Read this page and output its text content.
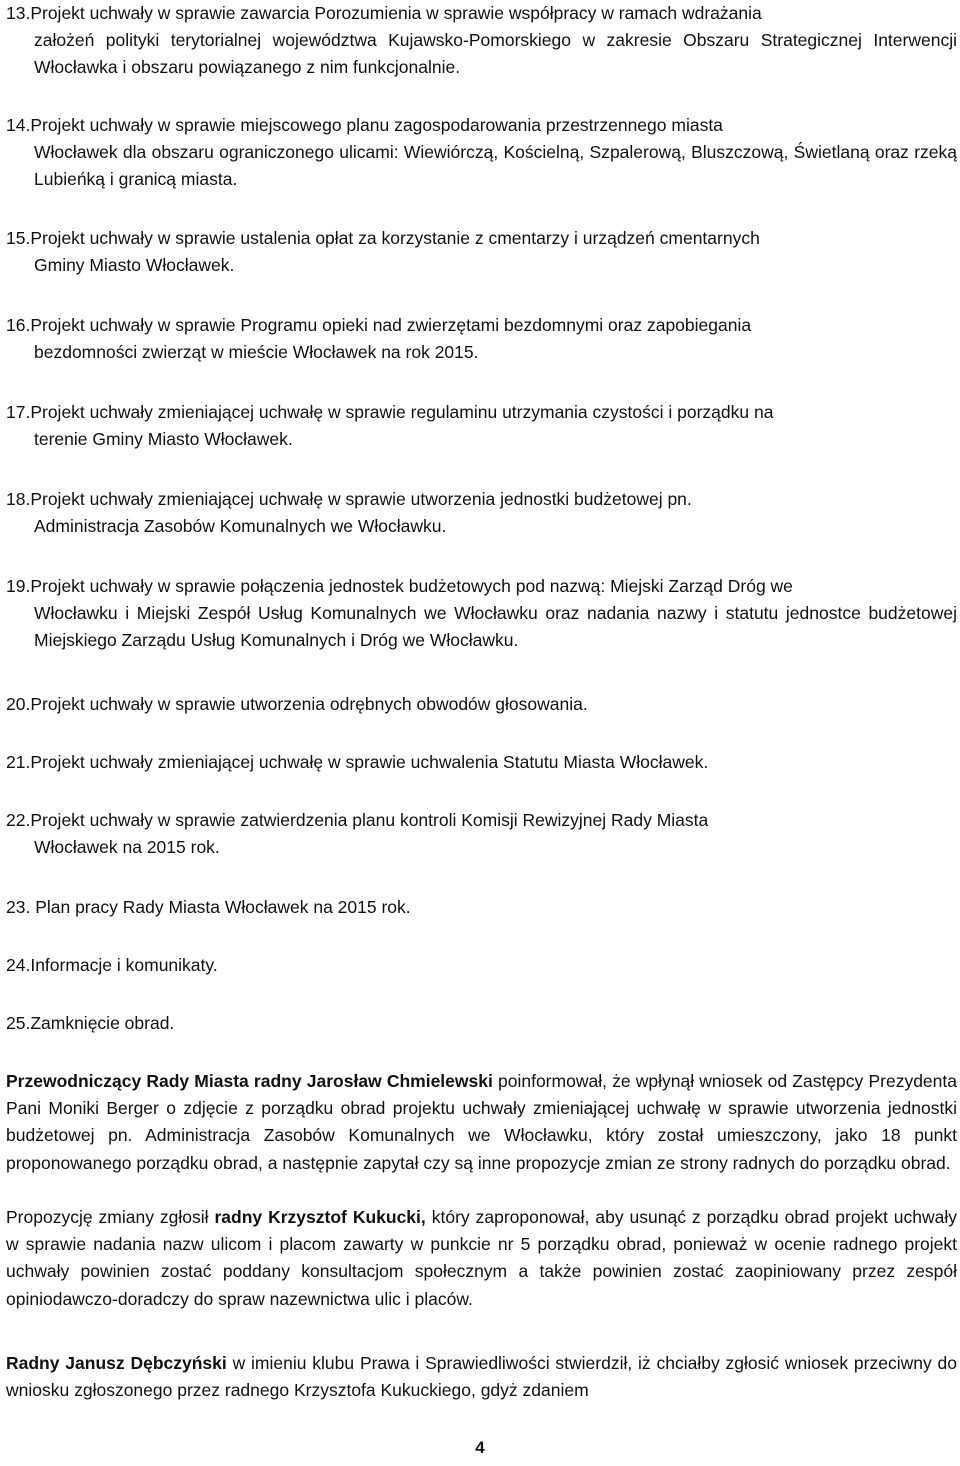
13.Projekt uchwały w sprawie zawarcia Porozumienia w sprawie współpracy w ramach wdrażania
założeń polityki terytorialnej województwa Kujawsko-Pomorskiego w zakresie Obszaru Strategicznej Interwencji Włocławka i obszaru powiązanego z nim funkcjonalnie.
14.Projekt uchwały w sprawie miejscowego planu zagospodarowania przestrzennego miasta
Włocławek dla obszaru ograniczonego ulicami: Wiewiórczą, Kościelną, Szpalerową, Bluszczową, Świetlaną oraz rzeką Lubieńką i granicą miasta.
15.Projekt uchwały w sprawie ustalenia opłat za korzystanie z cmentarzy i urządzeń cmentarnych
Gminy Miasto Włocławek.
16.Projekt uchwały w sprawie Programu opieki nad zwierzętami bezdomnymi oraz zapobiegania
bezdomności zwierząt w mieście Włocławek na rok 2015.
17.Projekt uchwały zmieniającej uchwałę w sprawie regulaminu utrzymania czystości i porządku na
terenie Gminy Miasto Włocławek.
18.Projekt uchwały zmieniającej uchwałę w sprawie utworzenia jednostki budżetowej pn.
Administracja Zasobów Komunalnych we Włocławku.
19.Projekt uchwały w sprawie połączenia jednostek budżetowych pod nazwą: Miejski Zarząd Dróg we
Włocławku i Miejski Zespół Usług Komunalnych we Włocławku oraz nadania nazwy i statutu jednostce budżetowej Miejskiego Zarządu Usług Komunalnych i Dróg we Włocławku.
20.Projekt uchwały w sprawie utworzenia odrębnych obwodów głosowania.
21.Projekt uchwały zmieniającej uchwałę w sprawie uchwalenia Statutu Miasta Włocławek.
22.Projekt uchwały w sprawie zatwierdzenia planu kontroli Komisji Rewizyjnej Rady Miasta
Włocławek na 2015 rok.
23. Plan pracy Rady Miasta Włocławek na 2015 rok.
24.Informacje i komunikaty.
25.Zamknięcie obrad.
Przewodniczący Rady Miasta radny Jarosław Chmielewski poinformował, że wpłynął wniosek od Zastępcy Prezydenta Pani Moniki Berger o zdjęcie z porządku obrad projektu uchwały zmieniającej uchwałę w sprawie utworzenia jednostki budżetowej pn. Administracja Zasobów Komunalnych we Włocławku, który został umieszczony, jako 18 punkt proponowanego porządku obrad, a następnie zapytał czy są inne propozycje zmian ze strony radnych do porządku obrad.
Propozycję zmiany zgłosił radny Krzysztof Kukucki, który zaproponował, aby usunąć z porządku obrad projekt uchwały w sprawie nadania nazw ulicom i placom zawarty w punkcie nr 5 porządku obrad, ponieważ w ocenie radnego projekt uchwały powinien zostać poddany konsultacjom społecznym a także powinien zostać zaopiniowany przez zespół opiniodawczo-doradczy do spraw nazewnictwa ulic i placów.
Radny Janusz Dębczyński w imieniu klubu Prawa i Sprawiedliwości stwierdził, iż chciałby zgłosić wniosek przeciwny do wniosku zgłoszonego przez radnego Krzysztofa Kukuckiego, gdyż zdaniem
4
